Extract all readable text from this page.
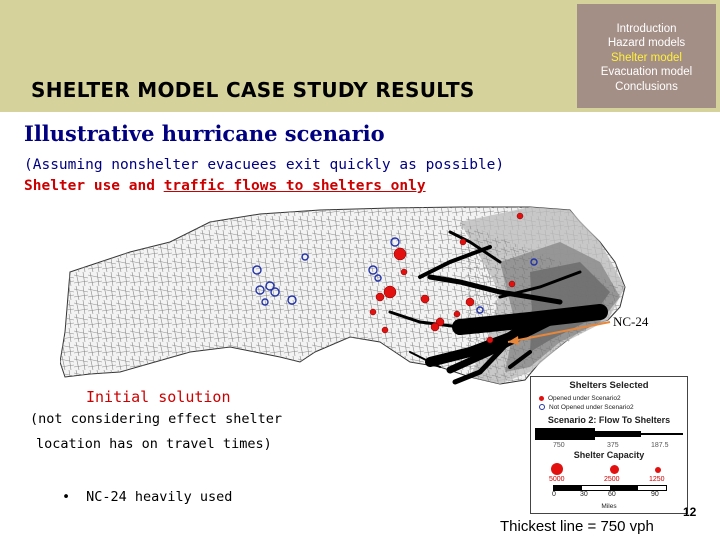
SHELTER MODEL CASE STUDY RESULTS
Introduction
Hazard models
Shelter model
Evacuation model
Conclusions
Illustrative hurricane scenario
(Assuming nonshelter evacuees exit quickly as possible)
Shelter use and traffic flows to shelters only
NC-24
Shelters Selected
Opened under Scenario2
Not Opened under Scenario2
Scenario 2: Flow To Shelters
750	375	187.5
Shelter Capacity
5000	2500	1250
0	30	60	90
Miles
Initial solution
(not considering effect shelter
location has on travel times)
• NC-24 heavily used
12
Thickest line = 750 vph
